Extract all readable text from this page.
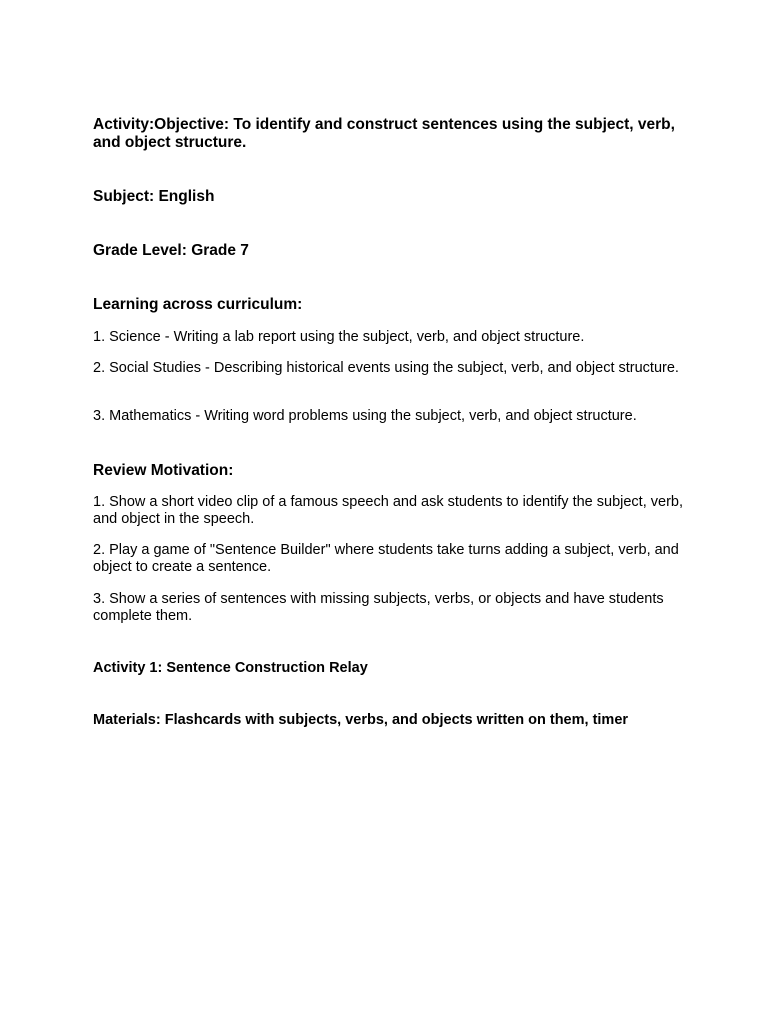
Activity:Objective: To identify and construct sentences using the subject, verb, and object structure.

Subject: English

Grade Level: Grade 7

Learning across curriculum:

1. Science - Writing a lab report using the subject, verb, and object structure.

2. Social Studies - Describing historical events using the subject, verb, and object structure.

3. Mathematics - Writing word problems using the subject, verb, and object structure.

Review Motivation:

1. Show a short video clip of a famous speech and ask students to identify the subject, verb, and object in the speech.

2. Play a game of "Sentence Builder" where students take turns adding a subject, verb, and object to create a sentence.

3. Show a series of sentences with missing subjects, verbs, or objects and have students complete them.

Activity 1: Sentence Construction Relay

Materials: Flashcards with subjects, verbs, and objects written on them, timer
